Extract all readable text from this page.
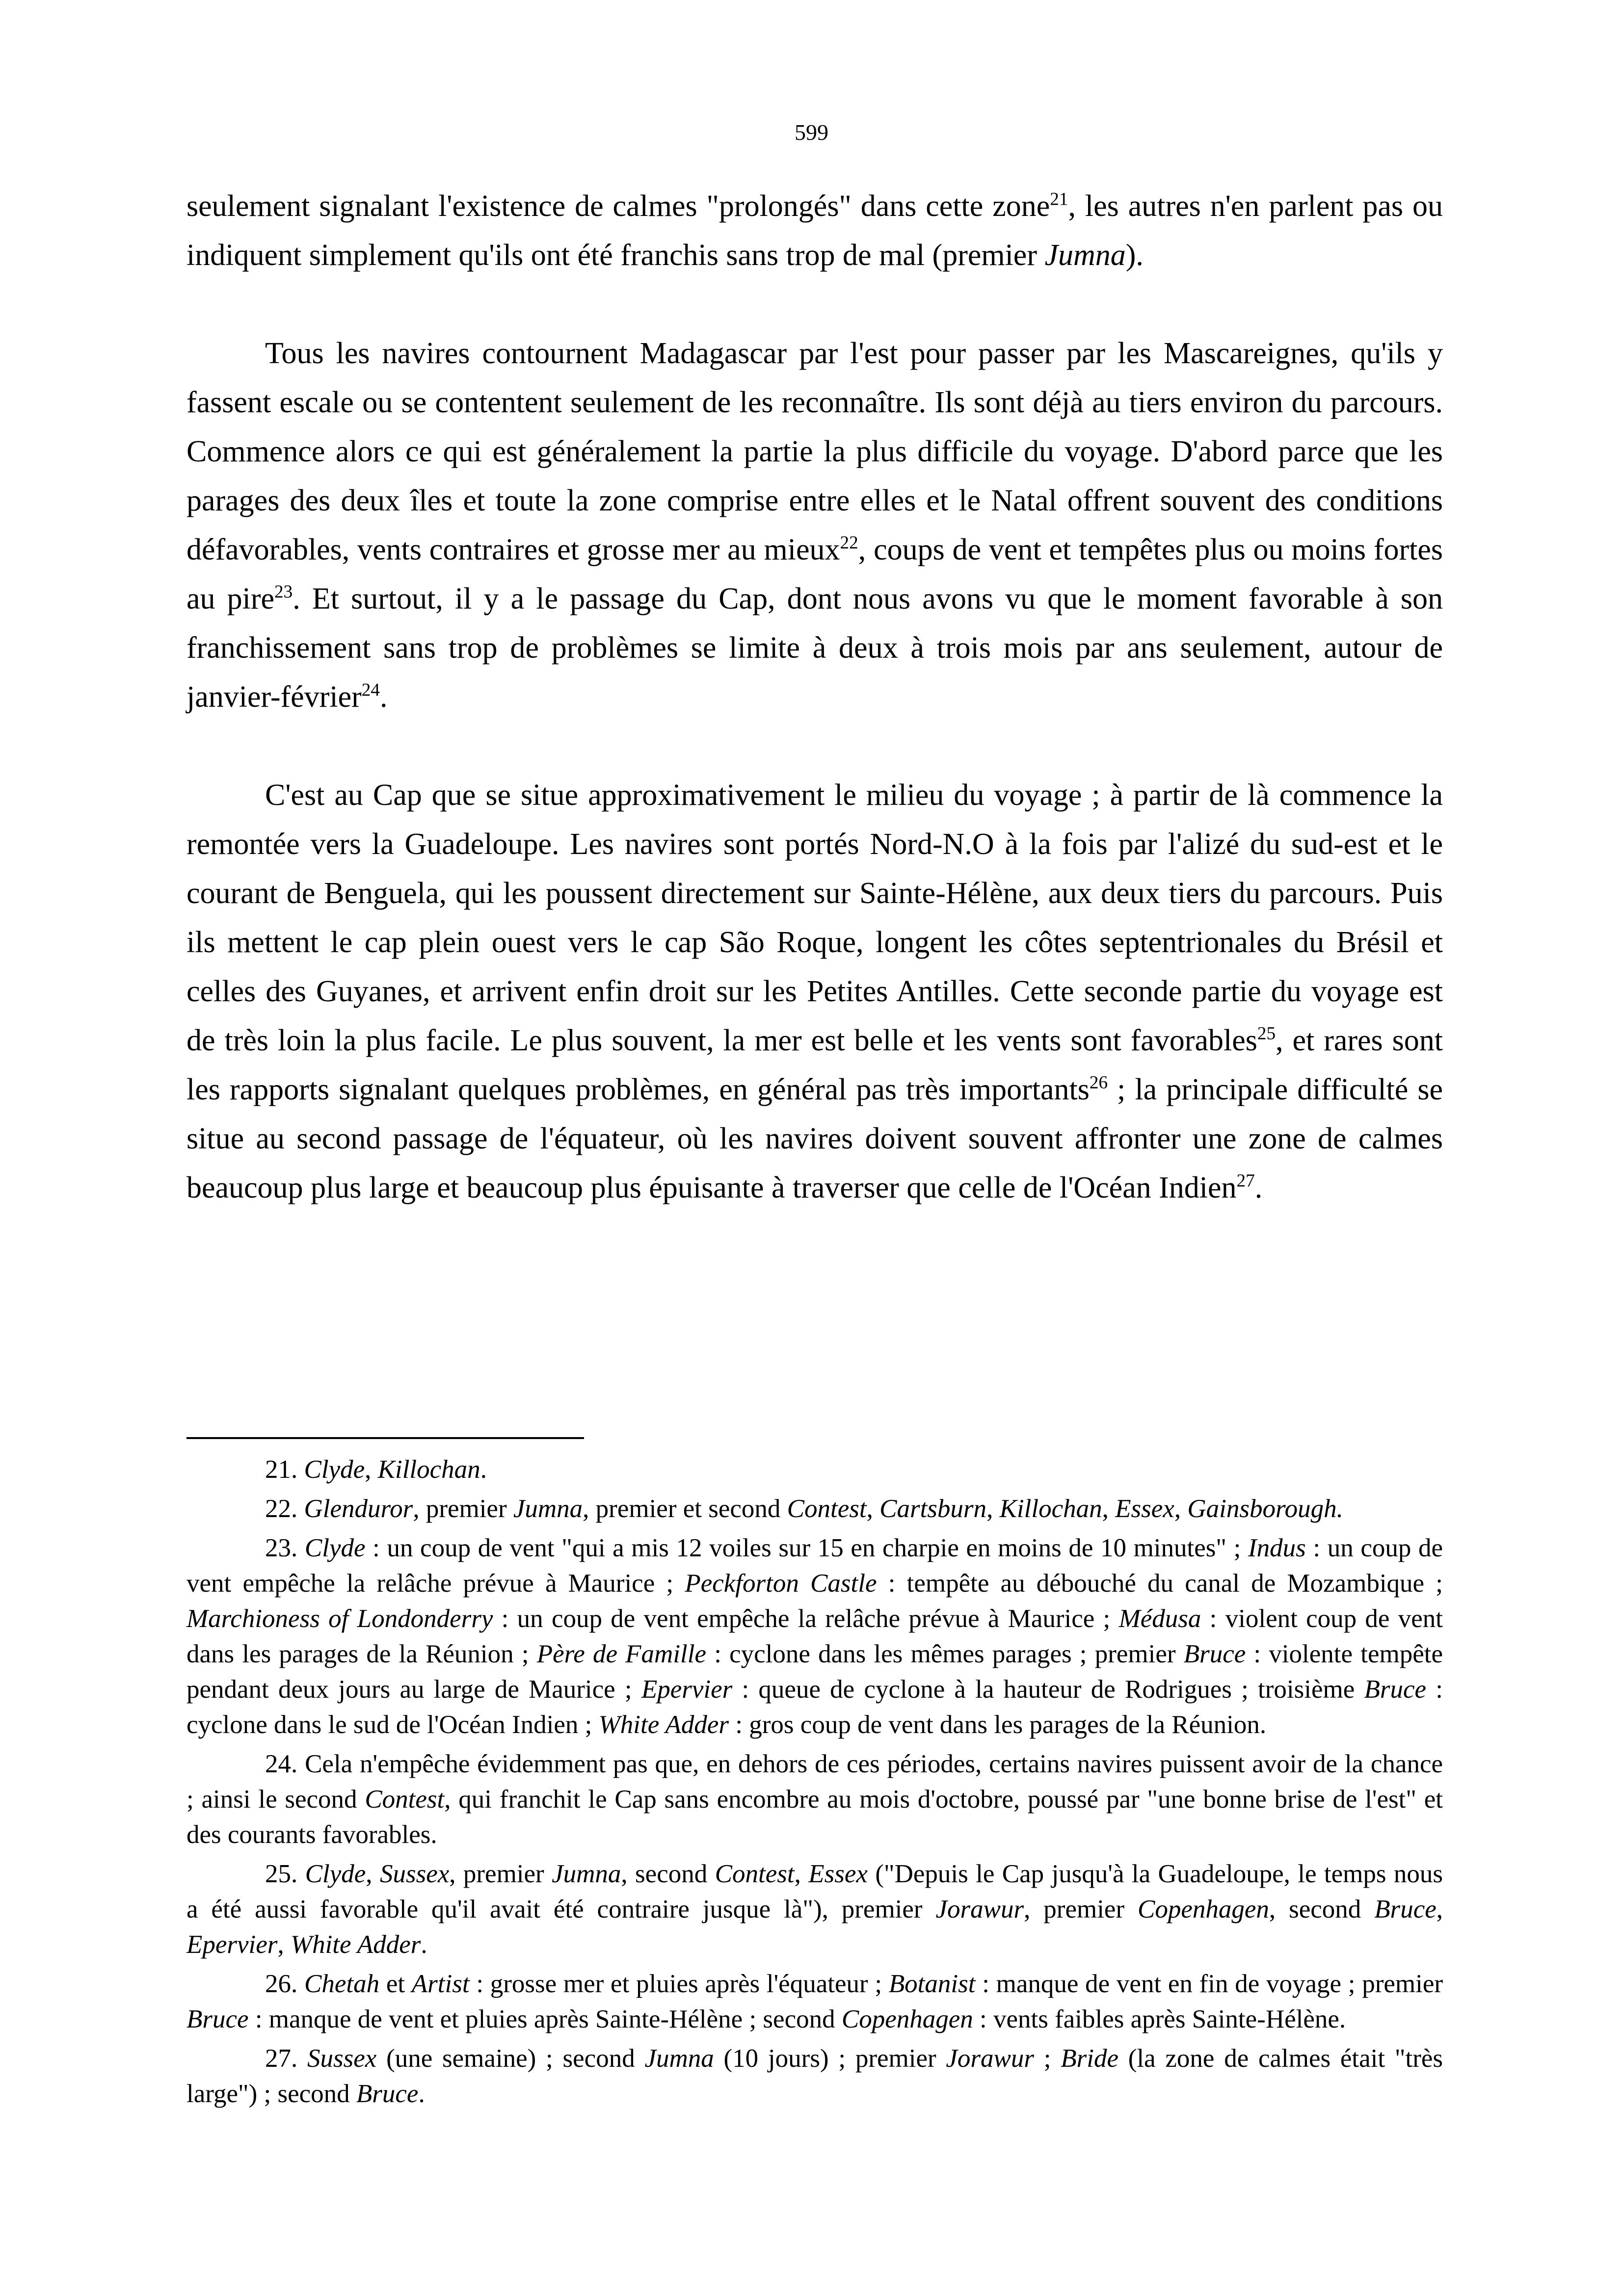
599

seulement signalant l'existence de calmes "prolongés" dans cette zone$^{21}$, les autres n'en parlent pas ou indiquent simplement qu'ils ont été franchis sans trop de mal (premier Jumna).

Tous les navires contournent Madagascar par l'est pour passer par les Mascareignes, qu'ils y fassent escale ou se contentent seulement de les reconnaître. Ils sont déjà au tiers environ du parcours. Commence alors ce qui est généralement la partie la plus difficile du voyage. D'abord parce que les parages des deux îles et toute la zone comprise entre elles et le Natal offrent souvent des conditions défavorables, vents contraires et grosse mer au mieux$^{22}$, coups de vent et tempêtes plus ou moins fortes au pire$^{23}$. Et surtout, il y a le passage du Cap, dont nous avons vu que le moment favorable à son franchissement sans trop de problèmes se limite à deux à trois mois par ans seulement, autour de janvier-février$^{24}$.

C'est au Cap que se situe approximativement le milieu du voyage ; à partir de là commence la remontée vers la Guadeloupe. Les navires sont portés Nord-N.O à la fois par l'alizé du sud-est et le courant de Benguela, qui les poussent directement sur Sainte-Hélène, aux deux tiers du parcours. Puis ils mettent le cap plein ouest vers le cap São Roque, longent les côtes septentrionales du Brésil et celles des Guyanes, et arrivent enfin droit sur les Petites Antilles. Cette seconde partie du voyage est de très loin la plus facile. Le plus souvent, la mer est belle et les vents sont favorables$^{25}$, et rares sont les rapports signalant quelques problèmes, en général pas très importants$^{26}$ ; la principale difficulté se situe au second passage de l'équateur, où les navires doivent souvent affronter une zone de calmes beaucoup plus large et beaucoup plus épuisante à traverser que celle de l'Océan Indien$^{27}$.

21. Clyde, Killochan.

22. Glenduror, premier Jumna, premier et second Contest, Cartsburn, Killochan, Essex, Gainsborough.

23. Clyde : un coup de vent "qui a mis 12 voiles sur 15 en charpie en moins de 10 minutes" ; Indus : un coup de vent empêche la relâche prévue à Maurice ; Peckforton Castle : tempête au débouché du canal de Mozambique ; Marchioness of Londonderry : un coup de vent empêche la relâche prévue à Maurice ; Médusa : violent coup de vent dans les parages de la Réunion ; Père de Famille : cyclone dans les mêmes parages ; premier Bruce : violente tempête pendant deux jours au large de Maurice ; Epervier : queue de cyclone à la hauteur de Rodrigues ; troisième Bruce : cyclone dans le sud de l'Océan Indien ; White Adder : gros coup de vent dans les parages de la Réunion.

24. Cela n'empêche évidemment pas que, en dehors de ces périodes, certains navires puissent avoir de la chance ; ainsi le second Contest, qui franchit le Cap sans encombre au mois d'octobre, poussé par "une bonne brise de l'est" et des courants favorables.

25. Clyde, Sussex, premier Jumna, second Contest, Essex ("Depuis le Cap jusqu'à la Guadeloupe, le temps nous a été aussi favorable qu'il avait été contraire jusque là"), premier Jorawur, premier Copenhagen, second Bruce, Epervier, White Adder.

26. Chetah et Artist : grosse mer et pluies après l'équateur ; Botanist : manque de vent en fin de voyage ; premier Bruce : manque de vent et pluies après Sainte-Hélène ; second Copenhagen : vents faibles après Sainte-Hélène.

27. Sussex (une semaine) ; second Jumna (10 jours) ; premier Jorawur ; Bride (la zone de calmes était "très large") ; second Bruce.
